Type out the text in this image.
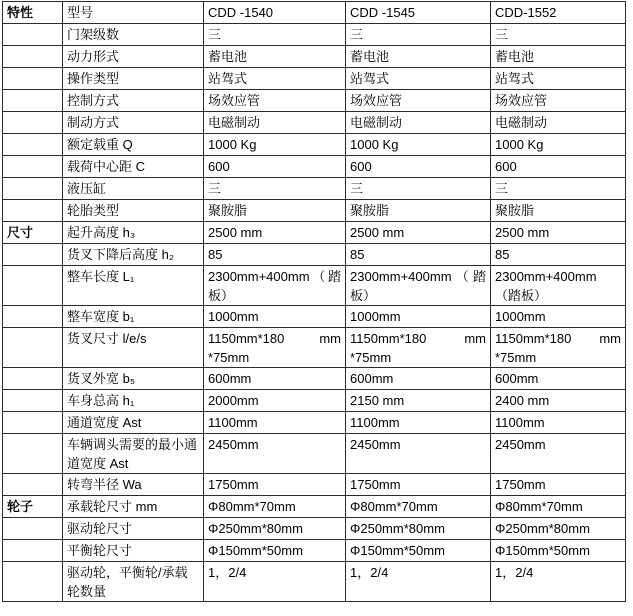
特性	型号	CDD -1540	CDD -1545	CDD-1552
	门架级数	三	三	三
	动力形式	蓄电池	蓄电池	蓄电池
	操作类型	站驾式	站驾式	站驾式
	控制方式	场效应管	场效应管	场效应管
	制动方式	电磁制动	电磁制动	电磁制动
	额定载重 Q	1000 Kg	1000 Kg	1000 Kg
	载荷中心距 C	600	600	600
	液压缸	三	三	三
	轮胎类型	聚胺脂	聚胺脂	聚胺脂
尺寸	起升高度 h₃	2500 mm	2500 mm	2500 mm
	货叉下降后高度 h₂	85	85	85
	整车长度 L₁	2300mm+400mm（踏板）	2300mm+400mm（踏板）	2300mm+400mm（踏板）
	整车宽度 b₁	1000mm	1000mm	1000mm
	货叉尺寸 l/e/s	1150mm*180 mm *75mm	1150mm*180 mm *75mm	1150mm*180 mm *75mm
	货叉外宽 b₅	600mm	600mm	600mm
	车身总高 h₁	2000mm	2150 mm	2400 mm
	通道宽度 Ast	1100mm	1100mm	1100mm
	车辆调头需要的最小通道宽度 Ast	2450mm	2450mm	2450mm
	转弯半径 Wa	1750mm	1750mm	1750mm
轮子	承载轮尺寸 mm	Φ80mm*70mm	Φ80mm*70mm	Φ80mm*70mm
	驱动轮尺寸	Φ250mm*80mm	Φ250mm*80mm	Φ250mm*80mm
	平衡轮尺寸	Φ150mm*50mm	Φ150mm*50mm	Φ150mm*50mm
	驱动轮，平衡轮/承载轮数量	1，2/4	1，2/4	1，2/4
